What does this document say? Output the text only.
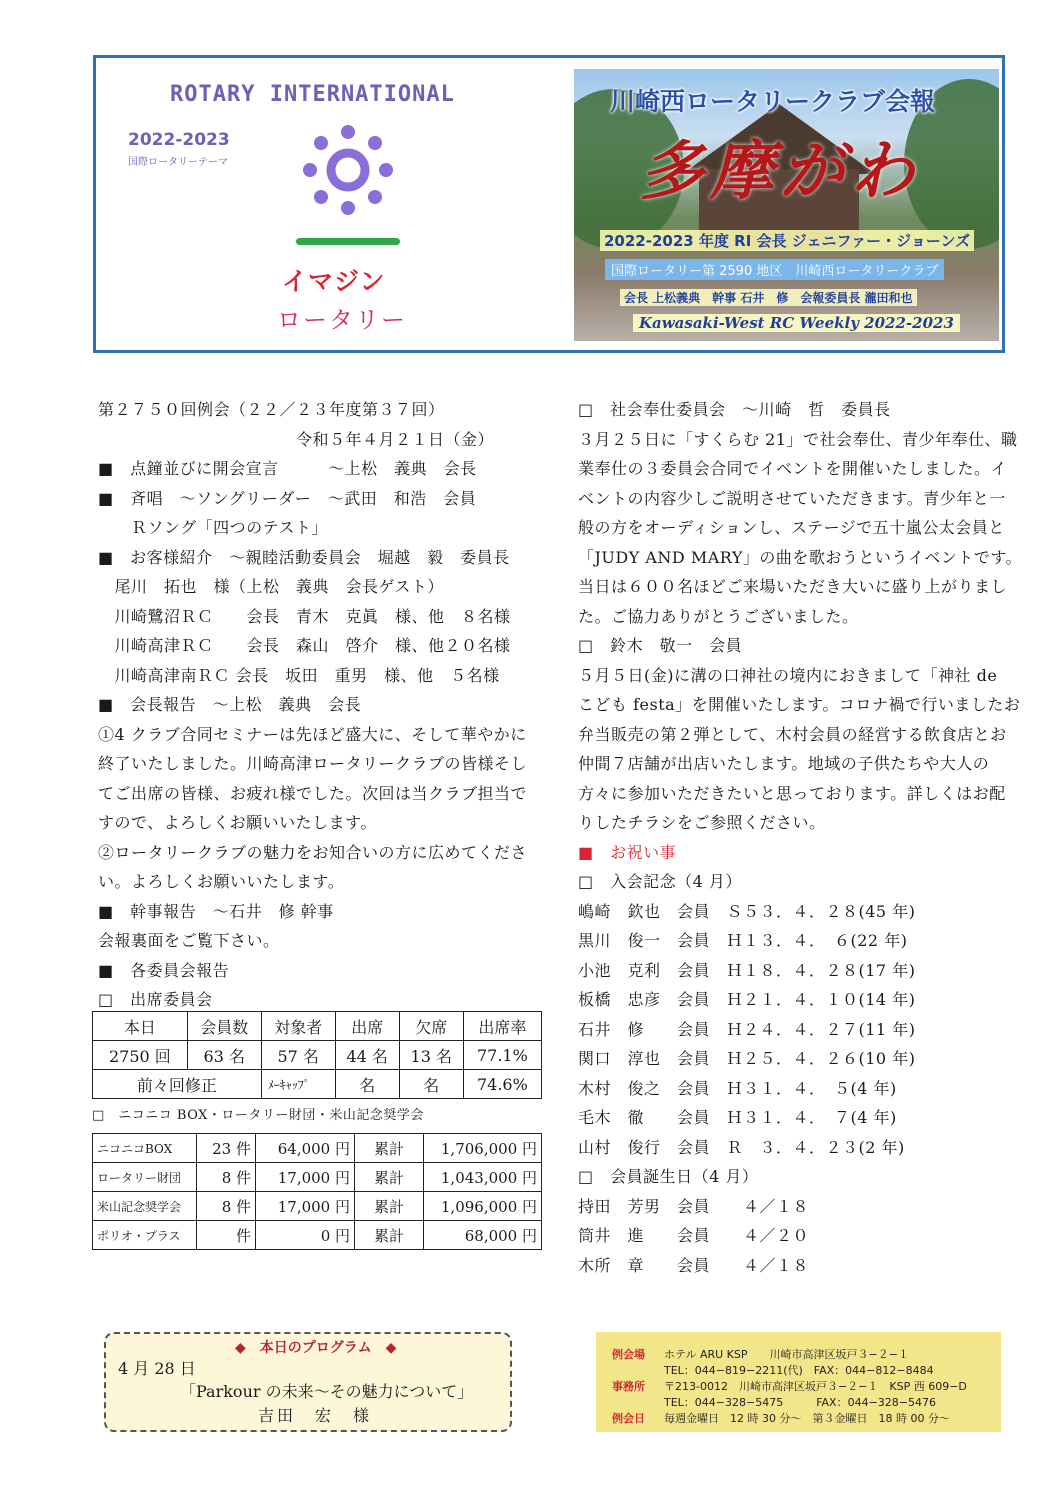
ROTARY INTERNATIONAL
2022-2023
国際ロータリーテーマ
イマジン
ロータリー
川崎西ロータリークラブ会報
多摩がわ
2022-2023 年度 RI 会長 ジェニファー・ジョーンズ
国際ロータリー第 2590 地区　川崎西ロータリークラブ
会長 上松義典　幹事 石井　修　会報委員長 瀧田和也
Kawasaki-West RC Weekly 2022-2023
第２７５０回例会（２２／２３年度第３７回）
　　　　　　　　　　　　令和５年４月２１日（金）
■　点鐘並びに開会宣言　　　～上松　義典　会長
■　斉唱　～ソングリーダー　～武田　和浩　会員
　　Ｒソング「四つのテスト」
■　お客様紹介　～親睦活動委員会　堀越　毅　委員長
　尾川　拓也　様（上松　義典　会長ゲスト）
　川崎鷺沼ＲＣ　　会長　青木　克眞　様、他　８名様
　川崎高津ＲＣ　　会長　森山　啓介　様、他２０名様
　川崎高津南ＲＣ 会長　坂田　重男　様、他　５名様
■　会長報告　～上松　義典　会長
①4 クラブ合同セミナーは先ほど盛大に、そして華やかに
終了いたしました。川崎高津ロータリークラブの皆様そし
てご出席の皆様、お疲れ様でした。次回は当クラブ担当で
すので、よろしくお願いいたします。
②ロータリークラブの魅力をお知合いの方に広めてくださ
い。よろしくお願いいたします。
■　幹事報告　～石井　修 幹事
会報裏面をご覧下さい。
■　各委員会報告
□　出席委員会
本日	会員数	対象者	出席	欠席	出席率
2750 回	63 名	57 名	44 名	13 名	77.1%
前々回修正		ﾒｰｷｬｯﾌﾟ	名	名	74.6%
□　ニコニコ BOX・ロータリー財団・米山記念奨学会
ニコニコBOX	23 件	64,000 円	累計	1,706,000 円
ロータリー財団	8 件	17,000 円	累計	1,043,000 円
米山記念奨学会	8 件	17,000 円	累計	1,096,000 円
ポリオ・プラス	件	0 円	累計	68,000 円
□　社会奉仕委員会　～川崎　哲　委員長
３月２５日に「すくらむ 21」で社会奉仕、青少年奉仕、職
業奉仕の３委員会合同でイベントを開催いたしました。イ
ベントの内容少しご説明させていただきます。青少年と一
般の方をオーディションし、ステージで五十嵐公太会員と
「JUDY AND MARY」の曲を歌おうというイベントです。
当日は６００名ほどご来場いただき大いに盛り上がりまし
た。ご協力ありがとうございました。
□　鈴木　敬一　会員
５月５日(金)に溝の口神社の境内におきまして「神社 de
こども festa」を開催いたします。コロナ禍で行いましたお
弁当販売の第２弾として、木村会員の経営する飲食店とお
仲間７店舗が出店いたします。地域の子供たちや大人の
方々に参加いただきたいと思っております。詳しくはお配
りしたチラシをご参照ください。
■　お祝い事
□　入会記念（4 月）
嶋崎　欽也　会員　Ｓ５３．４．２８(45 年)
黒川　俊一　会員　Ｈ１３．４．　６(22 年)
小池　克利　会員　Ｈ１８．４．２８(17 年)
板橋　忠彦　会員　Ｈ２１．４．１０(14 年)
石井　修　　会員　Ｈ２４．４．２７(11 年)
関口　淳也　会員　Ｈ２５．４．２６(10 年)
木村　俊之　会員　Ｈ３１．４．　５(4 年)
毛木　徹　　会員　Ｈ３１．４．　７(4 年)
山村　俊行　会員　Ｒ　３．４．２３(2 年)
□　会員誕生日（4 月）
持田　芳男　会員　　４／１８
筒井　進　　会員　　４／２０
木所　章　　会員　　４／１８
◆　本日のプログラム　◆
4 月 28 日
「Parkour の未来～その魅力について」
吉田　宏　様
例会場 ホテル ARU KSP　　川崎市高津区坂戸３−２−１
TEL：044−819−2211(代)　FAX：044−812−8484
事務所 〒213-0012　川崎市高津区坂戸３−２−１　KSP 西 609−D
TEL：044−328−5475　　　FAX：044−328−5476
例会日 毎週金曜日　12 時 30 分～　第３金曜日　18 時 00 分～
